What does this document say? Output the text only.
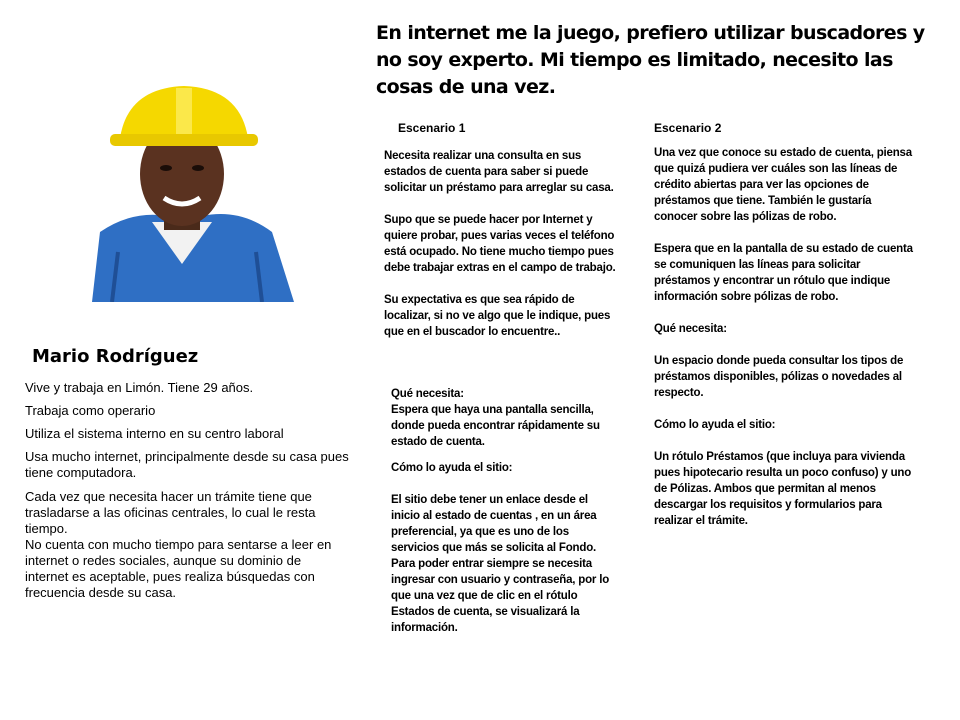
En internet me la juego, prefiero utilizar buscadores y no soy experto. Mi tiempo es limitado, necesito las cosas de una vez.
Mario Rodríguez

Vive y trabaja en Limón. Tiene 29 años.

Trabaja como operario

Utiliza el sistema interno en su centro laboral

Usa mucho internet, principalmente desde su casa pues tiene computadora.

Cada vez que necesita hacer un trámite tiene que trasladarse a las oficinas centrales, lo cual le resta tiempo.

No cuenta con mucho tiempo para sentarse a leer en internet o redes sociales, aunque su dominio de internet es aceptable, pues realiza búsquedas con frecuencia desde su casa.

Escenario 1

Necesita realizar una consulta en sus estados de cuenta para saber si puede solicitar un préstamo para arreglar su casa.

Supo que se puede hacer por Internet y quiere probar, pues varias veces el teléfono está ocupado. No tiene mucho tiempo pues debe trabajar extras en el campo de trabajo.

Su expectativa es que sea rápido de localizar, si no ve algo que le indique, pues que en el buscador lo encuentre..

Qué necesita:

Espera que haya una pantalla sencilla, donde pueda encontrar rápidamente su estado de cuenta.

Cómo lo ayuda el sitio:

El sitio debe tener un enlace desde el inicio al estado de cuentas , en un área preferencial, ya que es uno de los servicios que más se solicita al Fondo. Para poder entrar siempre se necesita ingresar con usuario y contraseña, por lo que una vez que de clic en el rótulo Estados de cuenta, se visualizará la información.

Escenario 2

Una vez que conoce su estado de cuenta, piensa que quizá pudiera ver cuáles son las líneas de crédito abiertas para ver las opciones de préstamos que tiene. También le gustaría conocer sobre las pólizas de robo.

Espera que en la pantalla de su estado de cuenta se comuniquen las líneas para solicitar préstamos y encontrar un rótulo que indique información sobre pólizas de robo.

Qué necesita:

Un espacio donde pueda consultar los tipos de préstamos disponibles, pólizas o novedades al respecto.

Cómo lo ayuda el sitio:

Un rótulo Préstamos (que incluya para vivienda pues hipotecario resulta un poco confuso) y uno de Pólizas. Ambos que permitan al menos descargar los requisitos y formularios para realizar el trámite.
